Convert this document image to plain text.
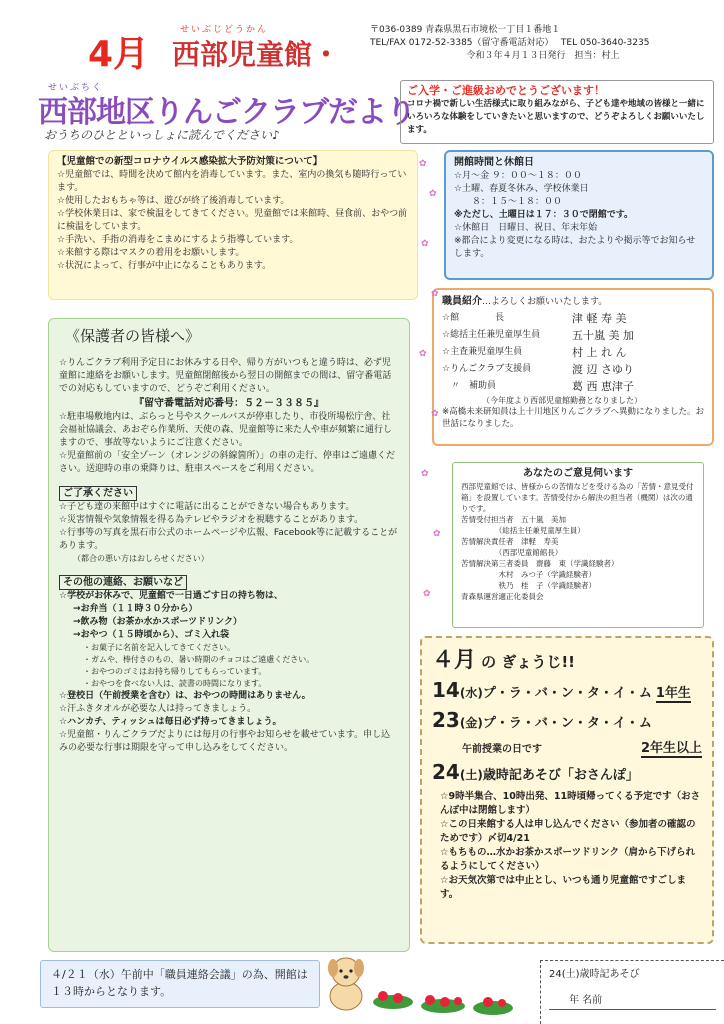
4月
せいぶじどうかん
西部児童館・
〒036-0389 青森県黒石市境松一丁目１番地１
TEL/FAX 0172-52-3385（留守番電話対応）　 TEL 050-3640-3235
令和３年４月１３日発行　担当：村上
せいぶちく
西部地区りんごクラブだより
おうちのひとといっしょに読んでください♪
ご入学・ご進級おめでとうございます！
コロナ禍で新しい生活様式に取り組みながら、子ども達や地域の皆様と一緒にいろいろな体験をしていきたいと思いますので、どうぞよろしくお願いいたします。
【児童館での新型コロナウイルス感染拡大予防対策について】
☆児童館では、時間を決めて館内を消毒しています。また、室内の換気も随時行っています。
☆使用したおもちゃ等は、遊びが終了後消毒しています。
☆学校休業日は、家で検温をしてきてください。児童館では来館時、昼食前、おやつ前に検温をしています。
☆手洗い、手指の消毒をこまめにするよう指導しています。
☆来館する際はマスクの着用をお願いします。
☆状況によって、行事が中止になることもあります。
開館時間と休館日
☆月～金 ９：００～１８：００
☆土曜、春夏冬休み、学校休業日
　　８：１５～１８：００
※ただし、土曜日は１７：３０で閉館です。
☆休館日　日曜日、祝日、年末年始
※都合により変更になる時は、おたよりや掲示等でお知らせします。
職員紹介…よろしくお願いいたします。
☆館　　　　長	津 軽 寿 美
☆総括主任兼児童厚生員	五十嵐 美 加
☆主査兼児童厚生員	村 上 れ ん
☆りんごクラブ支援員	渡 辺 さゆり
　〃　補助員	葛 西 恵津子
（今年度より西部児童館勤務となりました）
※高橋未来研知員は上十川地区りんごクラブへ異動になりました。お世話になりました。
《保護者の皆様へ》
☆りんごクラブ利用予定日にお休みする日や、帰り方がいつもと違う時は、必ず児童館に連絡をお願いします。児童館閉館後から翌日の開館までの間は、留守番電話での対応もしていますので、どうぞご利用ください。
『留守番電話対応番号：５２－３３８５』
☆駐車場敷地内は、ぶらっと号やスクールバスが停車したり、市役所場松庁舎、社会福祉協議会、あおぞら作業所、天使の森、児童館等に来た人や車が頻繁に通行しますので、事故等ないようにご注意ください。
☆児童館前の「安全ゾーン（オレンジの斜線箇所）」の車の走行、停車はご遠慮ください。送迎時の車の乗降りは、駐車スペースをご利用ください。
ご了承ください
☆子ども達の来館中はすぐに電話に出ることができない場合もあります。
☆災害情報や気象情報を得る為テレビやラジオを視聴することがあります。
☆行事等の写真を黒石市公式のホームページや広報、Facebook等に記載することがあります。
（都合の悪い方はおしらせください）
その他の連絡、お願いなど
☆学校がお休みで、児童館で一日過ごす日の持ち物は、
→お弁当（１１時３０分から）
→飲み物（お茶か水かスポーツドリンク）
→おやつ（１５時頃から）、ゴミ入れ袋
・お菓子に名前を記入してきてください。
・ガムや、棒付きのもの、暑い時期のチョコはご遠慮ください。
・おやつのゴミはお持ち帰りしてもらっています。
・おやつを食べない人は、読書の時間になります。
☆登校日（午前授業を含む）は、おやつの時間はありません。
☆汗ふきタオルが必要な人は持ってきましょう。
☆ハンカチ、ティッシュは毎日必ず持ってきましょう。
☆児童館・りんごクラブだよりには毎月の行事やお知らせを載せています。申し込みの必要な行事は期限を守って申し込みをしてください。
あなたのご意見伺います
西部児童館では、皆様からの苦情などを受ける為の「苦情・意見受付箱」を設置しています。苦情受付から解決の担当者（機関）は次の通りです。
苦情受付担当者　五十嵐　美加
　　　　　（総括主任兼児童厚生員）
苦情解決責任者　津軽　寿美
　　　　　（西部児童館館長）
苦情解決第三者委員　齋藤　東（学識経験者）
　　　　　木村　みつ子（学識経験者）
　　　　　秩乃　桂　子（学識経験者）
青森県運営適正化委員会
４月 の ぎょうじ!!
14(水)プ・ラ・バ・ン・タ・イ・ム 1年生
23(金)プ・ラ・バ・ン・タ・イ・ム
午前授業の日です	2年生以上
24(土)歳時記あそび「おさんぽ」
☆9時半集合、10時出発、11時頃帰ってくる予定です（おさんぽ中は閉館します）
☆この日来館する人は申し込んでください（参加者の確認のためです）〆切4/21
☆もちもの…水かお茶かスポーツドリンク（肩から下げられるようにしてください）
☆お天気次第では中止とし、いつも通り児童館ですごします。
４/２１（水）午前中「職員連絡会議」の為、開館は１３時からとなります。
24(土)歳時記あそび
年 名前
✿
✿
✿
✿
✿
✿
✿
✿
✿
